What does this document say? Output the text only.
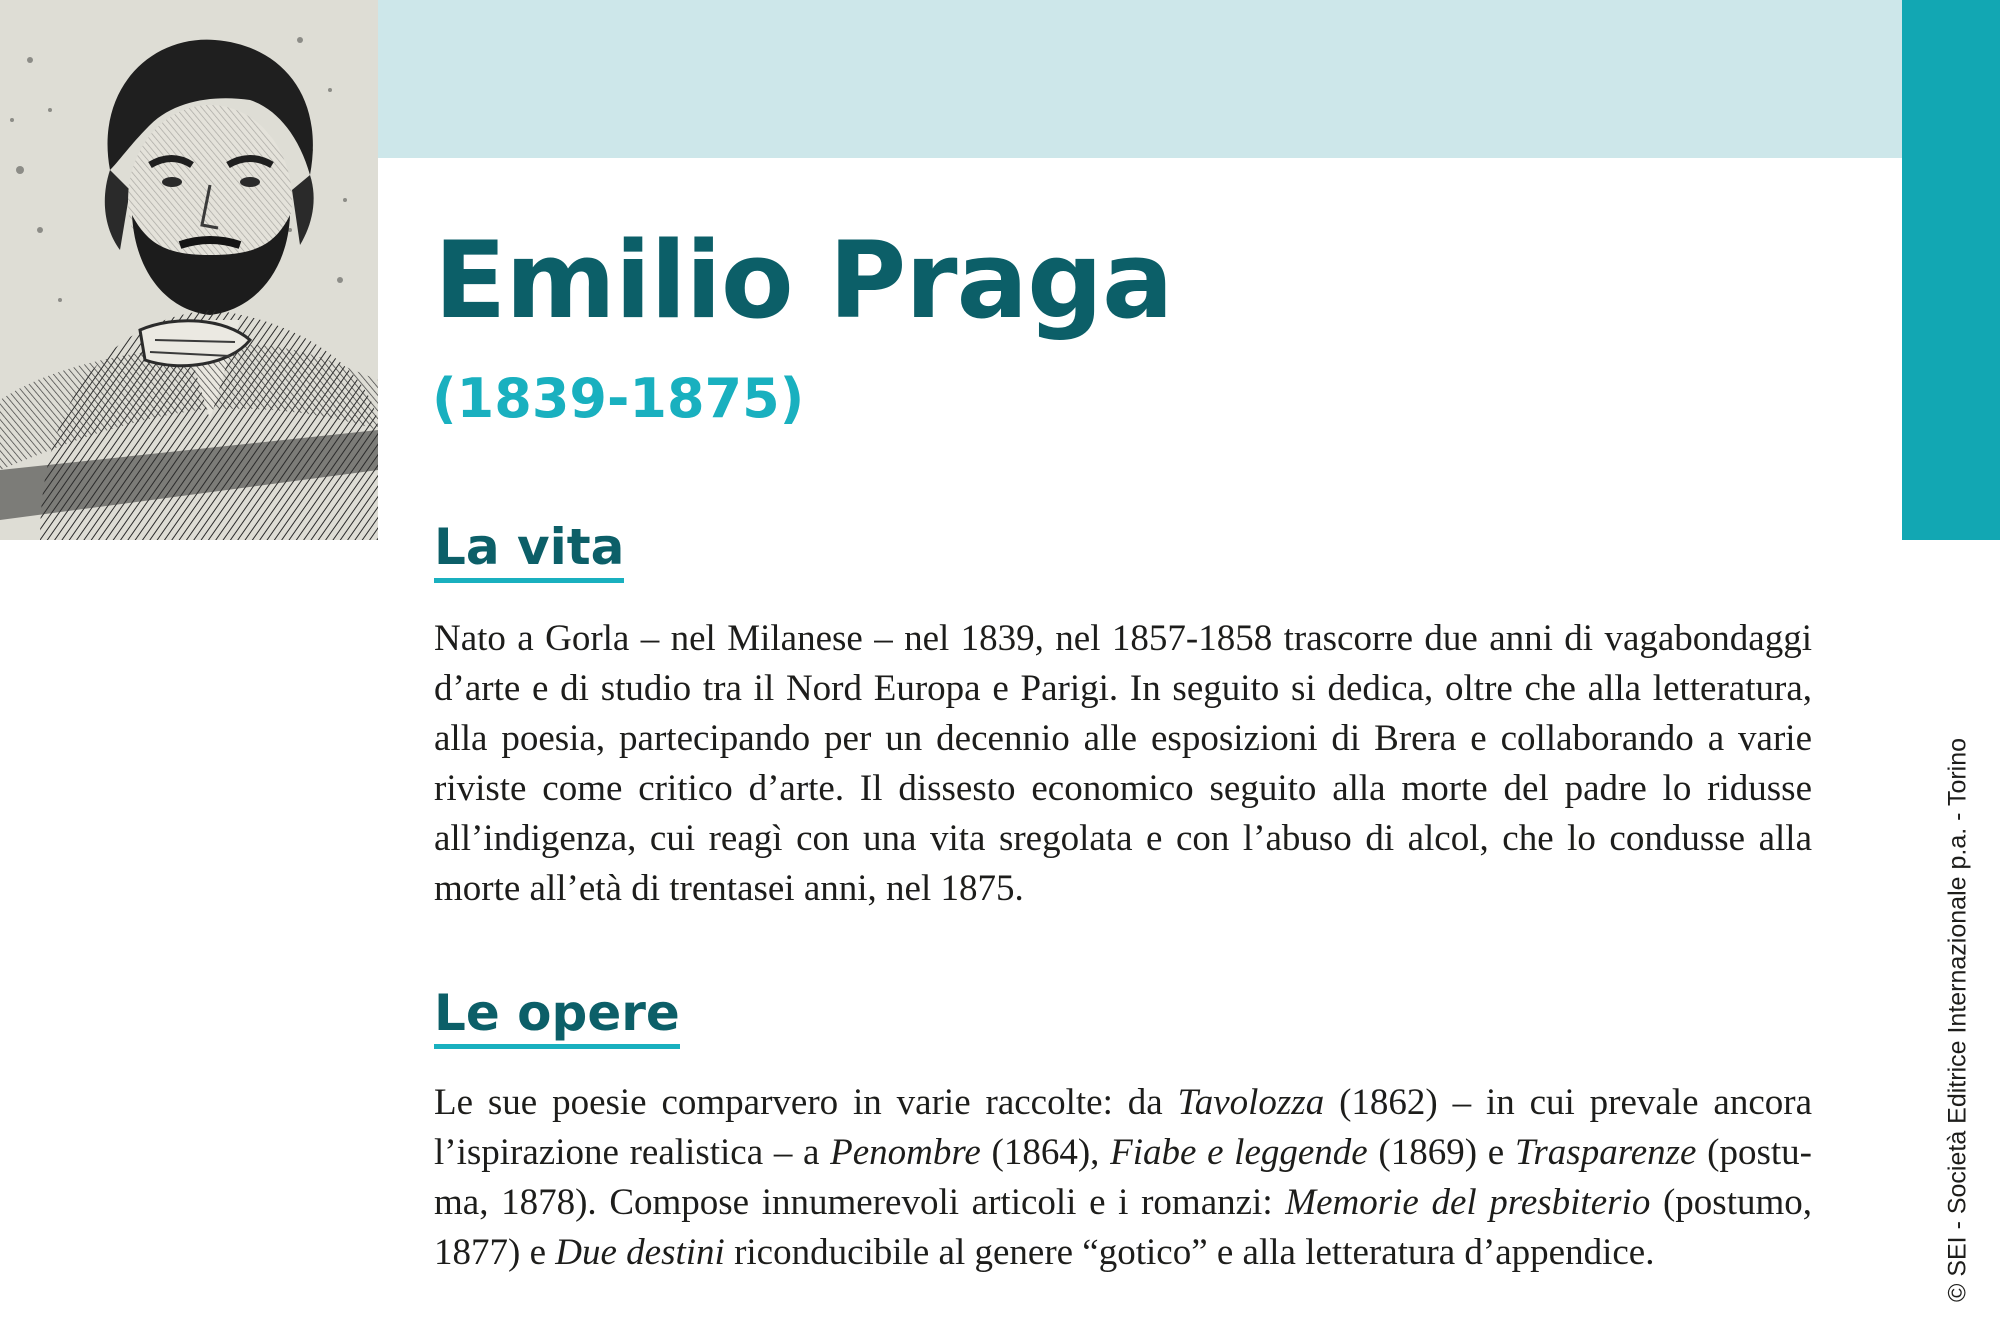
Emilio Praga
(1839-1875)
La vita

Nato a Gorla – nel Milanese – nel 1839, nel 1857-1858 trascorre due anni di vagabondaggi d’arte e di studio tra il Nord Europa e Parigi. In seguito si dedica, oltre che alla letteratura, alla poesia, partecipando per un decennio alle esposizioni di Brera e collaborando a varie riviste come critico d’arte. Il dissesto economico seguito alla morte del padre lo ridusse all’indigenza, cui reagì con una vita sregolata e con l’abuso di alcol, che lo condusse alla morte all’età di trentasei anni, nel 1875.

Le opere

Le sue poesie comparvero in varie raccolte: da Tavolozza (1862) – in cui prevale ancora l’ispirazione realistica – a Penombre (1864), Fiabe e leggende (1869) e Trasparenze (postuma, 1878). Compose innumerevoli articoli e i romanzi: Memorie del presbiterio (postumo, 1877) e Due destini riconducibile al genere “gotico” e alla letteratura d’appendice.	© SEI - Società Editrice Internazionale p.a. - Torino
